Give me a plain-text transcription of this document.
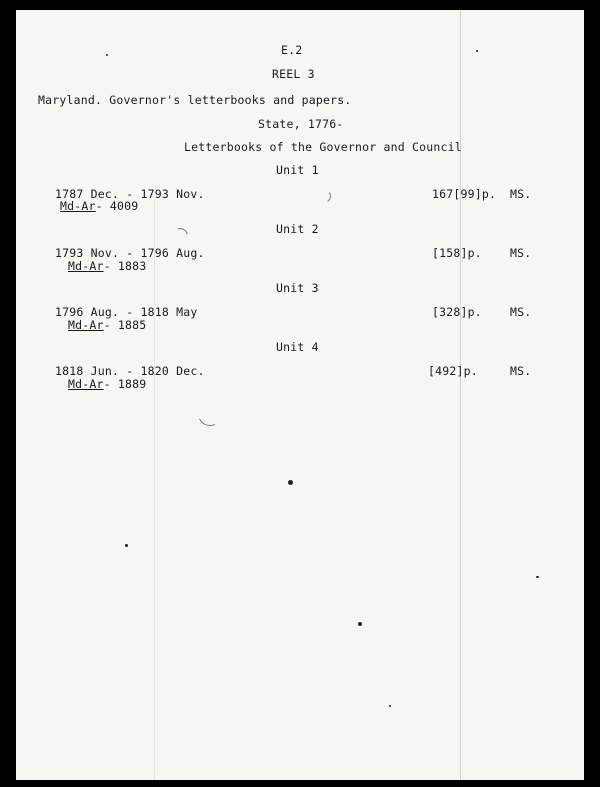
E.2
REEL 3
Maryland. Governor's letterbooks and papers.
State, 1776-
Letterbooks of the Governor and Council
Unit 1
1787 Dec. - 1793 Nov.
Md-Ar- 4009
167[99]p. MS.
Unit 2
1793 Nov. - 1796 Aug.
Md-Ar- 1883
[158]p. MS.
Unit 3
1796 Aug. - 1818 May
Md-Ar- 1885
[328]p. MS.
Unit 4
1818 Jun. - 1820 Dec.
Md-Ar- 1889
[492]p.	MS.
